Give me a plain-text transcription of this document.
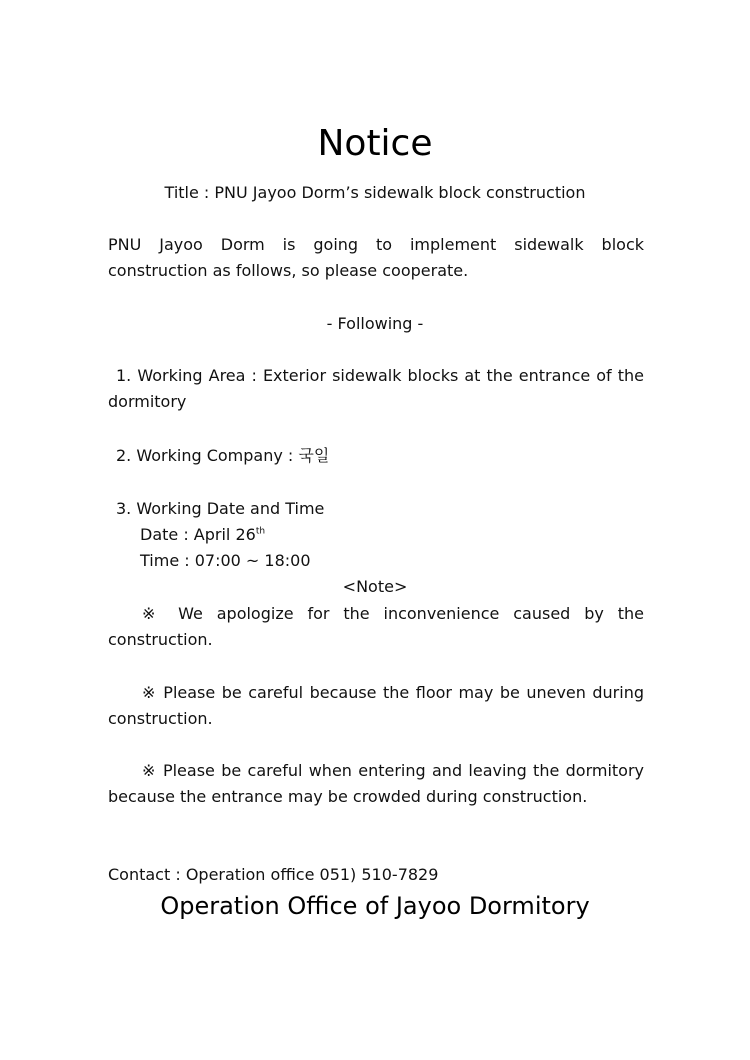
Notice
Title : PNU Jayoo Dorm’s sidewalk block construction
PNU Jayoo Dorm is going to implement sidewalk block
construction as follows, so please cooperate.
- Following -
1. Working Area : Exterior sidewalk blocks at the entrance of the
dormitory
2. Working Company : 국일
3. Working Date and Time
Date : April 26th
Time : 07:00 ~ 18:00
<Note>
※ We apologize for the inconvenience caused by the
construction.
※ Please be careful because the floor may be uneven during
construction.
※ Please be careful when entering and leaving the dormitory
because the entrance may be crowded during construction.
Contact : Operation office 051) 510-7829
Operation Office of Jayoo Dormitory
